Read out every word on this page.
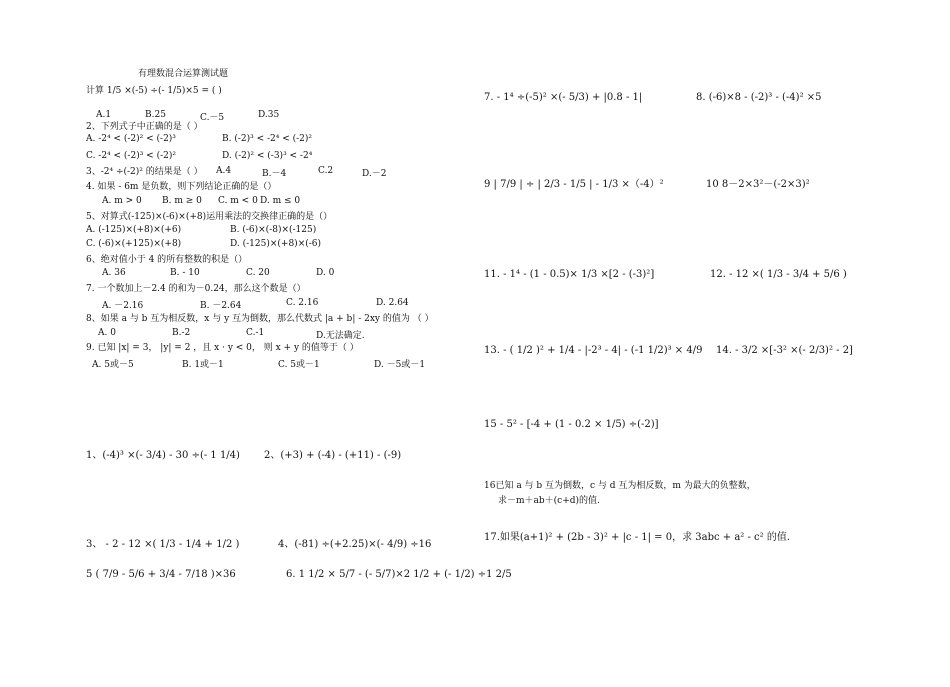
有理数混合运算测试题
计算 1/5 ×(-5) ÷(- 1/5)×5 = ( )
A.1	B.25	C.－5	D.35
2、下列式子中正确的是（ ）
A. -2⁴ < (-2)² < (-2)³	B. (-2)³ < -2⁴ < (-2)²
C. -2⁴ < (-2)³ < (-2)²	D. (-2)² < (-3)³ < -2⁴
3、-2⁴ ÷(-2)² 的结果是（ ） A.4	B.－4	C.2	D.－2
4. 如果 - 6m 是负数，则下列结论正确的是（）
A. m > 0 B. m ≥ 0 C. m < 0 D. m ≤ 0
5、对算式(-125)×(-6)×(+8)运用乘法的交换律正确的是（）
A. (-125)×(+8)×(+6)	B. (-6)×(-8)×(-125)
C. (-6)×(+125)×(+8)	D. (-125)×(+8)×(-6)
6、绝对值小于 4 的所有整数的积是（）
A. 36	B. - 10	C. 20	D. 0
7. 一个数加上－2.4 的和为－0.24，那么这个数是（）
A. －2.16	B. －2.64	C. 2.16	D. 2.64
8、如果 a 与 b 互为相反数，x 与 y 互为倒数，那么代数式 |a + b| - 2xy 的值为 （ ）
A. 0	B.-2	C.-1	D.无法确定.
9. 已知 |x| = 3， |y| = 2 ，且 x · y < 0， 则 x + y 的值等于（ ）
A. 5或－5	B. 1或－1	C. 5或－1	D. －5或－1
1、(-4)³ ×(- 3/4) - 30 ÷(- 1 1/4) 2、(+3) + (-4) - (+11) - (-9)
3、 - 2 - 12 ×( 1/3 - 1/4 + 1/2 )	4、(-81) ÷(+2.25)×(- 4/9) ÷16
5 ( 7/9 - 5/6 + 3/4 - 7/18 )×36	6. 1 1/2 × 5/7 - (- 5/7)×2 1/2 + (- 1/2) ÷1 2/5
7. - 1⁴ ÷(-5)² ×(- 5/3) + |0.8 - 1|	8. (-6)×8 - (-2)³ - (-4)² ×5
9 | 7/9 | ÷ | 2/3 - 1/5 | - 1/3 ×（-4）²	10 8－2×3²－(-2×3)²
11. - 1⁴ - (1 - 0.5)× 1/3 ×[2 - (-3)²]	12. - 12 ×( 1/3 - 3/4 + 5/6 )
13. - ( 1/2 )² + 1/4 - |-2³ - 4| - (-1 1/2)³ × 4/9 14. - 3/2 ×[-3² ×(- 2/3)² - 2]
15 - 5² - [-4 + (1 - 0.2 × 1/5) ÷(-2)]
16已知 a 与 b 互为倒数，c 与 d 互为相反数，m 为最大的负整数，
求－m＋ab＋(c+d)的值.
17.如果(a+1)² + (2b - 3)² + |c - 1| = 0，求 3abc + a² - c² 的值.
